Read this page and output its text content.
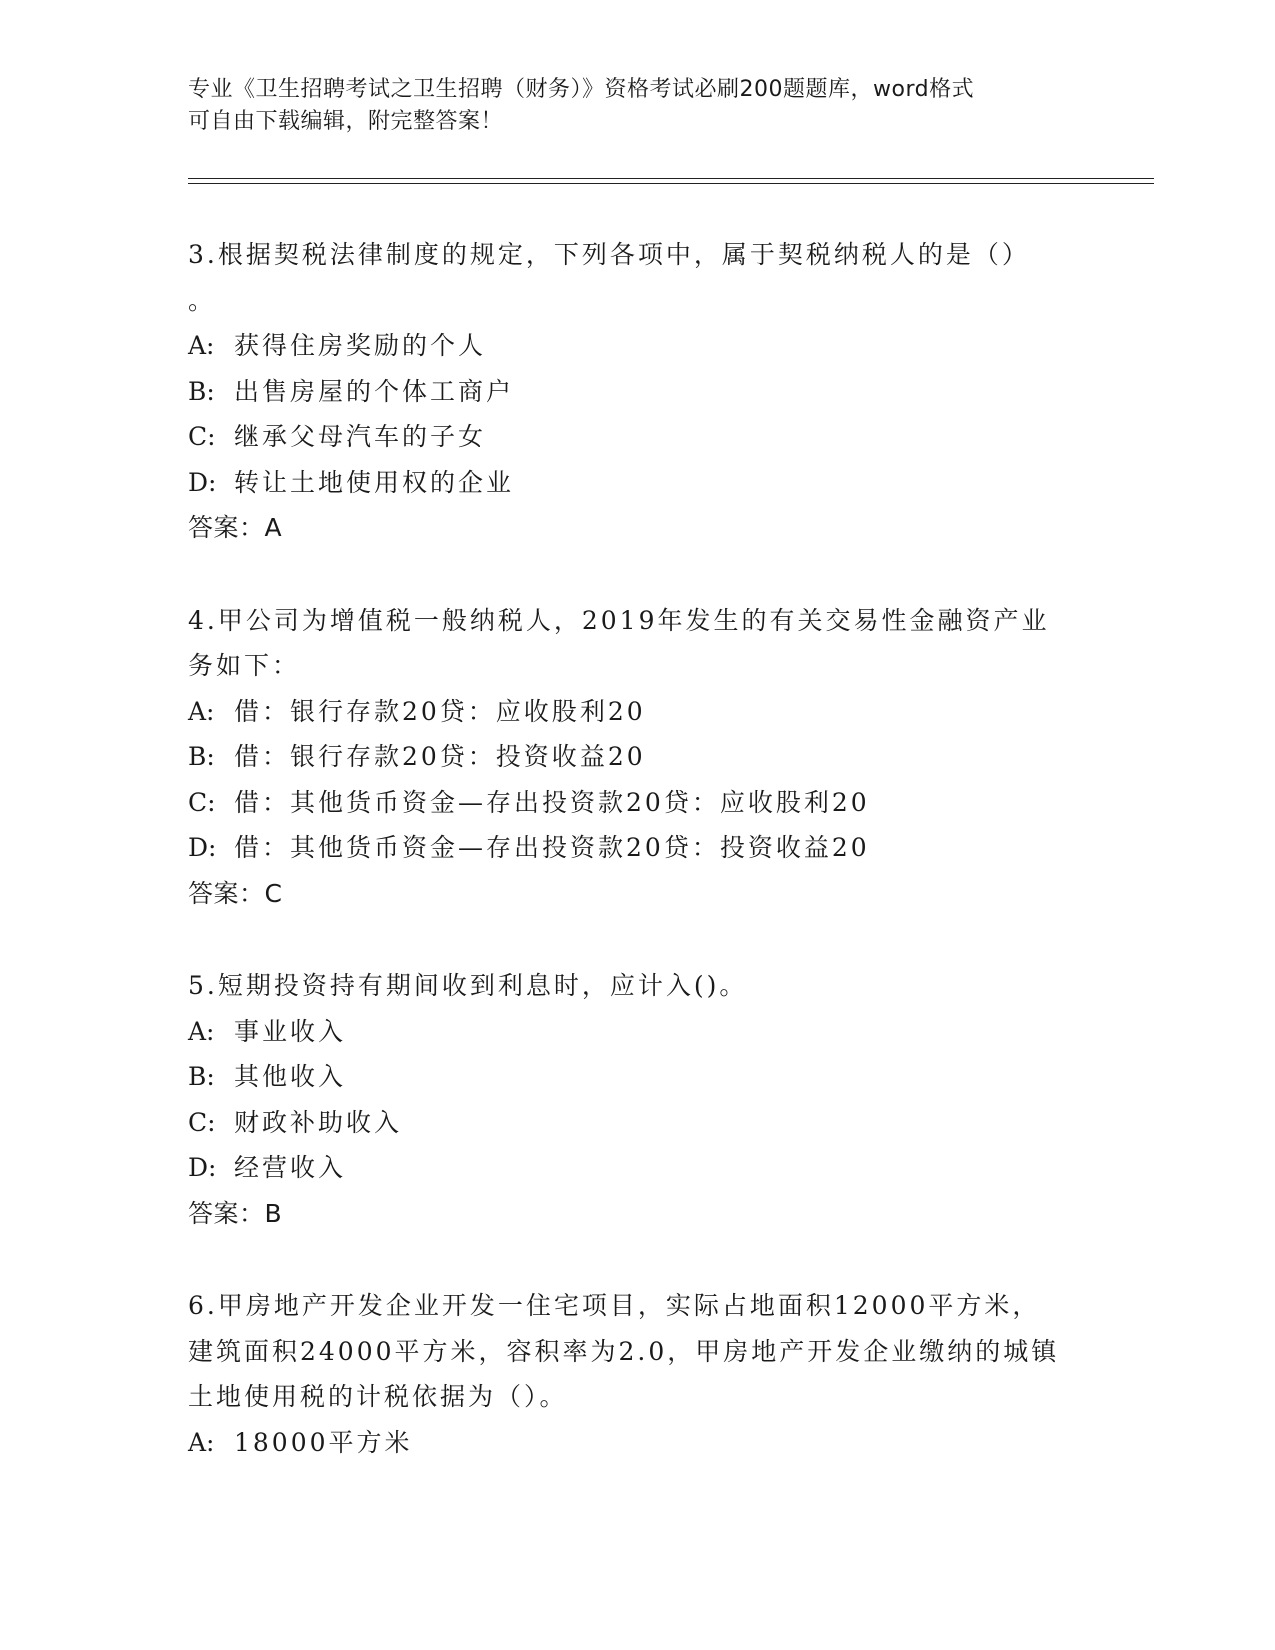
专业《卫生招聘考试之卫生招聘（财务）》资格考试必刷200题题库，word格式
可自由下载编辑，附完整答案！
3.根据契税法律制度的规定，下列各项中，属于契税纳税人的是（）
。
A: 获得住房奖励的个人
B: 出售房屋的个体工商户
C: 继承父母汽车的子女
D: 转让土地使用权的企业
答案：A
4.甲公司为增值税一般纳税人，2019年发生的有关交易性金融资产业
务如下：
A: 借：银行存款20贷：应收股利20
B: 借：银行存款20贷：投资收益20
C: 借：其他货币资金—存出投资款20贷：应收股利20
D: 借：其他货币资金—存出投资款20贷：投资收益20
答案：C
5.短期投资持有期间收到利息时，应计入()。
A: 事业收入
B: 其他收入
C: 财政补助收入
D: 经营收入
答案：B
6.甲房地产开发企业开发一住宅项目，实际占地面积12000平方米，
建筑面积24000平方米，容积率为2.0，甲房地产开发企业缴纳的城镇
土地使用税的计税依据为（）。
A: 18000平方米
